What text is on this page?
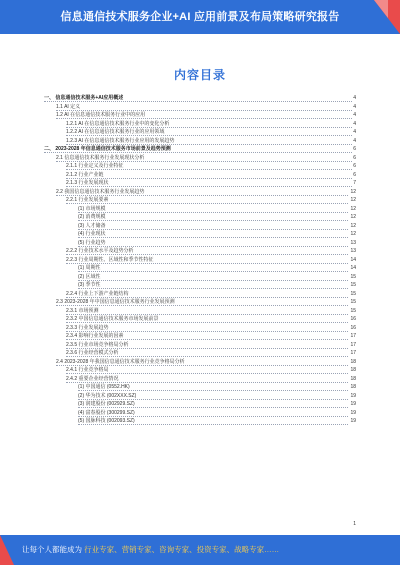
信息通信技术服务企业+AI 应用前景及布局策略研究报告
内容目录
一、 信息通信技术服务+AI应用概述	4
1.1 AI 定义	4
1.2 AI 在信息通信技术服务行业中的应用	4
1.2.1 AI 在信息通信技术服务行业中的变化分析	4
1.2.2 AI 在信息通信技术服务行业的应用领域	4
1.2.3 AI 在信息通信技术服务行业应用的发展趋势	4
二、 2023-2028 年信息通信技术服务市场前景及趋势预测	6
2.1 信息通信技术服务行业发展现状分析	6
2.1.1 行业定义及行业特征	6
2.1.2 行业产业链	6
2.1.3 行业发展现状	7
2.2 我国信息通信技术服务行业发展趋势	12
2.2.1 行业发展要素	12
(1) 市场规模	12
(2) 消费规模	12
(3) 人才储备	12
(4) 行业现状	12
(5) 行业趋势	13
2.2.2 行业技术水平及趋势分析	13
2.2.3 行业周期性、区域性和季节性特征	14
(1) 周期性	14
(2) 区域性	15
(3) 季节性	15
2.2.4 行业上下游产业链结构	15
2.3 2023-2028 年中国信息通信技术服务行业发展预测	15
2.3.1 市场预测	15
2.3.2 中国信息通信技术服务市场发展前景	16
2.3.3 行业发展趋势	16
2.3.4 影响行业发展的因素	17
2.3.5 行业市场竞争格局分析	17
2.3.6 行业经营模式分析	17
2.4 2023-2028 年我国信息通信技术服务行业竞争格局分析	18
2.4.1 行业竞争格局	18
2.4.2 重要企业经营情况	18
(1) 中国通信 (0552.HK)	18
(2) 华为技术 (002XXX.SZ)	19
(3) 润建股份 (002929.SZ)	19
(4) 富春股份 (300299.SZ)	19
(5) 国脉科技 (002093.SZ)	19
让每个人都能成为 行业专家、营销专家、咨询专家、投资专家、战略专家……
1
